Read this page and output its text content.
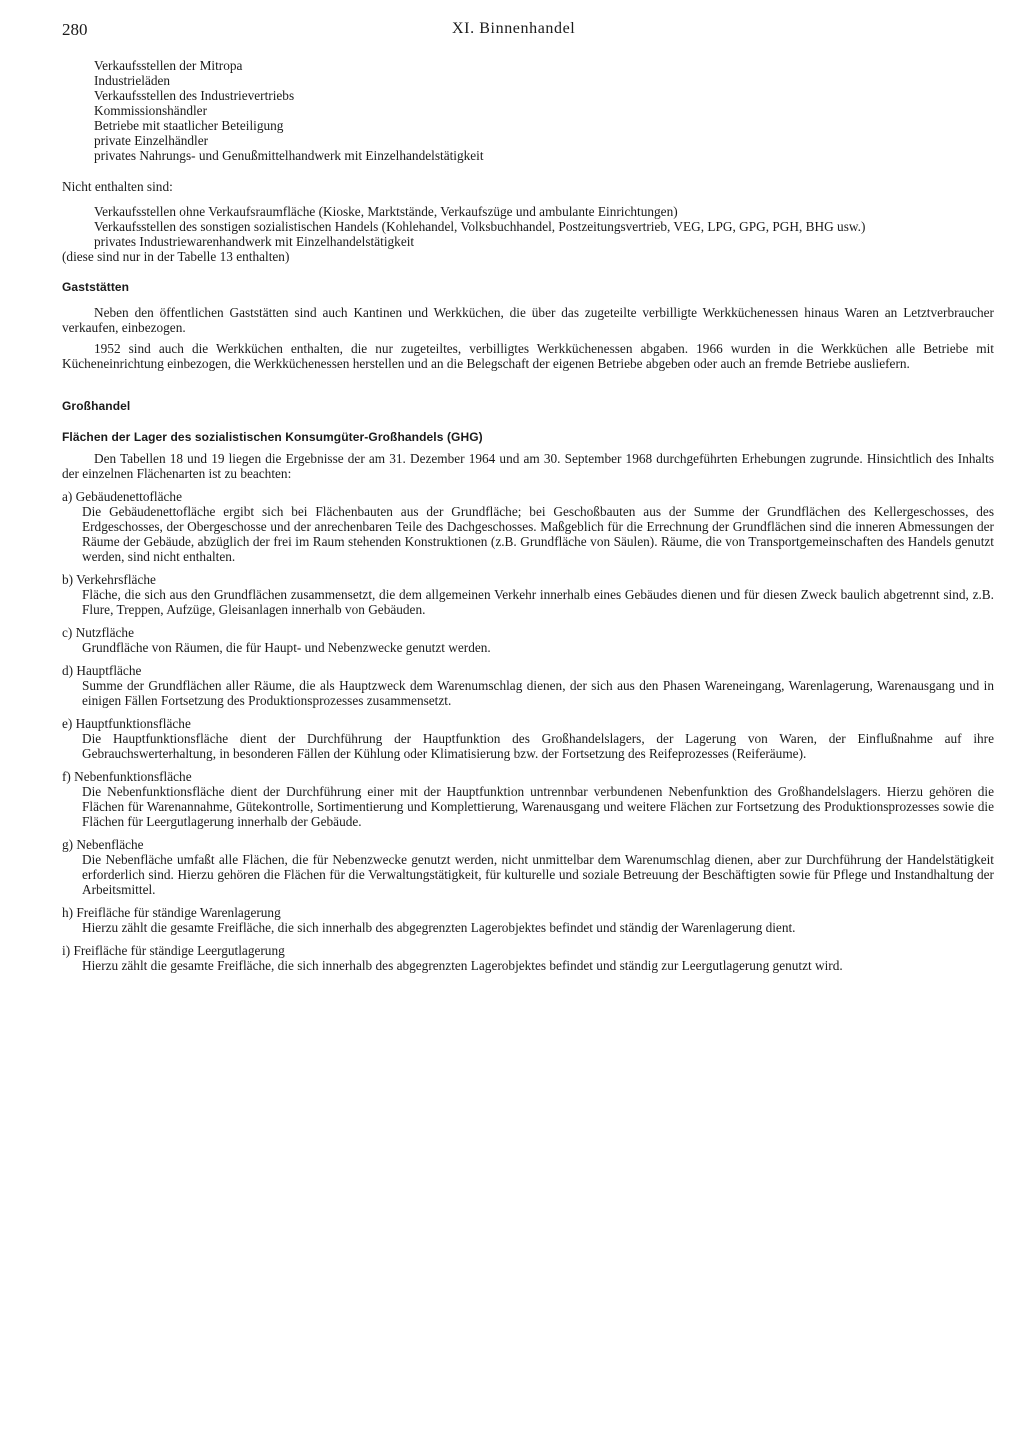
280	XI. Binnenhandel
Verkaufsstellen der Mitropa
Industrieläden
Verkaufsstellen des Industrievertriebs
Kommissionshändler
Betriebe mit staatlicher Beteiligung
private Einzelhändler
privates Nahrungs- und Genußmittelhandwerk mit Einzelhandelstätigkeit

Nicht enthalten sind:

Verkaufsstellen ohne Verkaufsraumfläche (Kioske, Marktstände, Verkaufszüge und ambulante Einrichtungen)
Verkaufsstellen des sonstigen sozialistischen Handels (Kohlehandel, Volksbuchhandel, Postzeitungsvertrieb, VEG, LPG, GPG, PGH, BHG usw.)
privates Industriewarenhandwerk mit Einzelhandelstätigkeit

(diese sind nur in der Tabelle 13 enthalten)

Gaststätten

Neben den öffentlichen Gaststätten sind auch Kantinen und Werkküchen, die über das zugeteilte verbilligte Werkküchenessen hinaus Waren an Letztverbraucher verkaufen, einbezogen.

1952 sind auch die Werkküchen enthalten, die nur zugeteiltes, verbilligtes Werkküchenessen abgaben. 1966 wurden in die Werkküchen alle Betriebe mit Kücheneinrichtung einbezogen, die Werkküchenessen herstellen und an die Belegschaft der eigenen Betriebe abgeben oder auch an fremde Betriebe ausliefern.

Großhandel

Flächen der Lager des sozialistischen Konsumgüter-Großhandels (GHG)

Den Tabellen 18 und 19 liegen die Ergebnisse der am 31. Dezember 1964 und am 30. September 1968 durchgeführten Erhebungen zugrunde. Hinsichtlich des Inhalts der einzelnen Flächenarten ist zu beachten:

a) Gebäudenettofläche

Die Gebäudenettofläche ergibt sich bei Flächenbauten aus der Grundfläche; bei Geschoßbauten aus der Summe der Grundflächen des Kellergeschosses, des Erdgeschosses, der Obergeschosse und der anrechenbaren Teile des Dachgeschosses. Maßgeblich für die Errechnung der Grundflächen sind die inneren Abmessungen der Räume der Gebäude, abzüglich der frei im Raum stehenden Konstruktionen (z.B. Grundfläche von Säulen). Räume, die von Transportgemeinschaften des Handels genutzt werden, sind nicht enthalten.

b) Verkehrsfläche

Fläche, die sich aus den Grundflächen zusammensetzt, die dem allgemeinen Verkehr innerhalb eines Gebäudes dienen und für diesen Zweck baulich abgetrennt sind, z.B. Flure, Treppen, Aufzüge, Gleisanlagen innerhalb von Gebäuden.

c) Nutzfläche

Grundfläche von Räumen, die für Haupt- und Nebenzwecke genutzt werden.

d) Hauptfläche

Summe der Grundflächen aller Räume, die als Hauptzweck dem Warenumschlag dienen, der sich aus den Phasen Wareneingang, Warenlagerung, Warenausgang und in einigen Fällen Fortsetzung des Produktionsprozesses zusammensetzt.

e) Hauptfunktionsfläche

Die Hauptfunktionsfläche dient der Durchführung der Hauptfunktion des Großhandelslagers, der Lagerung von Waren, der Einflußnahme auf ihre Gebrauchswerterhaltung, in besonderen Fällen der Kühlung oder Klimatisierung bzw. der Fortsetzung des Reifeprozesses (Reiferäume).

f) Nebenfunktionsfläche

Die Nebenfunktionsfläche dient der Durchführung einer mit der Hauptfunktion untrennbar verbundenen Nebenfunktion des Großhandelslagers. Hierzu gehören die Flächen für Warenannahme, Gütekontrolle, Sortimentierung und Komplettierung, Warenausgang und weitere Flächen zur Fortsetzung des Produktionsprozesses sowie die Flächen für Leergutlagerung innerhalb der Gebäude.

g) Nebenfläche

Die Nebenfläche umfaßt alle Flächen, die für Nebenzwecke genutzt werden, nicht unmittelbar dem Warenumschlag dienen, aber zur Durchführung der Handelstätigkeit erforderlich sind. Hierzu gehören die Flächen für die Verwaltungstätigkeit, für kulturelle und soziale Betreuung der Beschäftigten sowie für Pflege und Instandhaltung der Arbeitsmittel.

h) Freifläche für ständige Warenlagerung

Hierzu zählt die gesamte Freifläche, die sich innerhalb des abgegrenzten Lagerobjektes befindet und ständig der Warenlagerung dient.

i) Freifläche für ständige Leergutlagerung

Hierzu zählt die gesamte Freifläche, die sich innerhalb des abgegrenzten Lagerobjektes befindet und ständig zur Leergutlagerung genutzt wird.
